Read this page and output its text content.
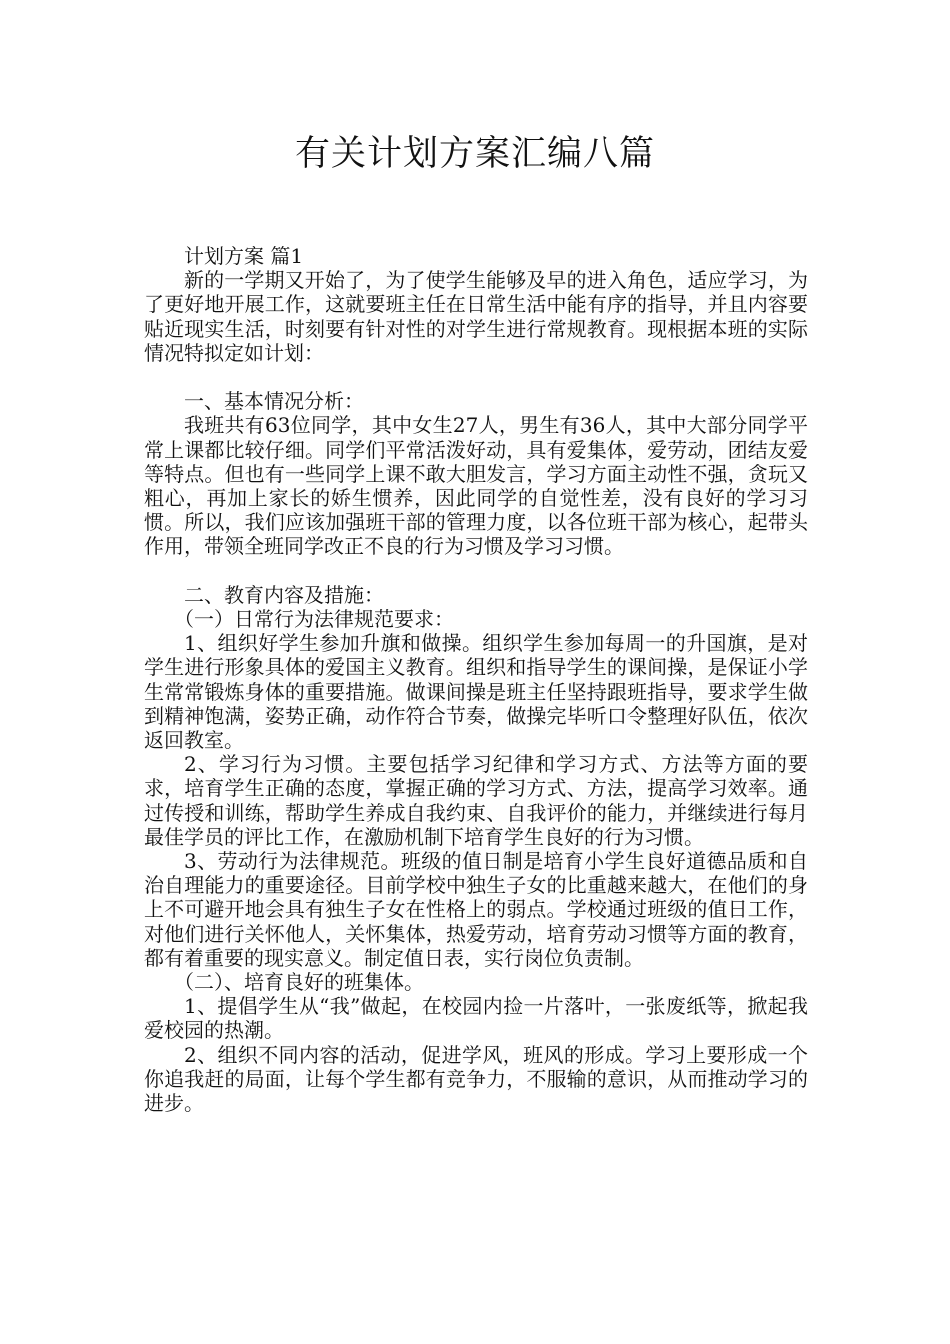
有关计划方案汇编八篇

计划方案 篇1

新的一学期又开始了，为了使学生能够及早的进入角色，适应学习，为了更好地开展工作，这就要班主任在日常生活中能有序的指导，并且内容要贴近现实生活，时刻要有针对性的对学生进行常规教育。现根据本班的实际情况特拟定如计划：

一、基本情况分析：

我班共有63位同学，其中女生27人，男生有36人，其中大部分同学平常上课都比较仔细。同学们平常活泼好动，具有爱集体，爱劳动，团结友爱等特点。但也有一些同学上课不敢大胆发言，学习方面主动性不强，贪玩又粗心，再加上家长的娇生惯养，因此同学的自觉性差，没有良好的学习习惯。所以，我们应该加强班干部的管理力度，以各位班干部为核心，起带头作用，带领全班同学改正不良的行为习惯及学习习惯。

二、教育内容及措施：

（一）日常行为法律规范要求：

1、组织好学生参加升旗和做操。组织学生参加每周一的升国旗，是对学生进行形象具体的爱国主义教育。组织和指导学生的课间操，是保证小学生常常锻炼身体的重要措施。做课间操是班主任坚持跟班指导，要求学生做到精神饱满，姿势正确，动作符合节奏，做操完毕听口令整理好队伍，依次返回教室。

2、学习行为习惯。主要包括学习纪律和学习方式、方法等方面的要求，培育学生正确的态度，掌握正确的学习方式、方法，提高学习效率。通过传授和训练，帮助学生养成自我约束、自我评价的能力，并继续进行每月最佳学员的评比工作，在激励机制下培育学生良好的行为习惯。

3、劳动行为法律规范。班级的值日制是培育小学生良好道德品质和自治自理能力的重要途径。目前学校中独生子女的比重越来越大，在他们的身上不可避开地会具有独生子女在性格上的弱点。学校通过班级的值日工作，对他们进行关怀他人，关怀集体，热爱劳动，培育劳动习惯等方面的教育，都有着重要的现实意义。制定值日表，实行岗位负责制。

（二）、培育良好的班集体。

1、提倡学生从“我”做起，在校园内捡一片落叶，一张废纸等，掀起我爱校园的热潮。

2、组织不同内容的活动，促进学风，班风的形成。学习上要形成一个你追我赶的局面，让每个学生都有竞争力，不服输的意识，从而推动学习的进步。
